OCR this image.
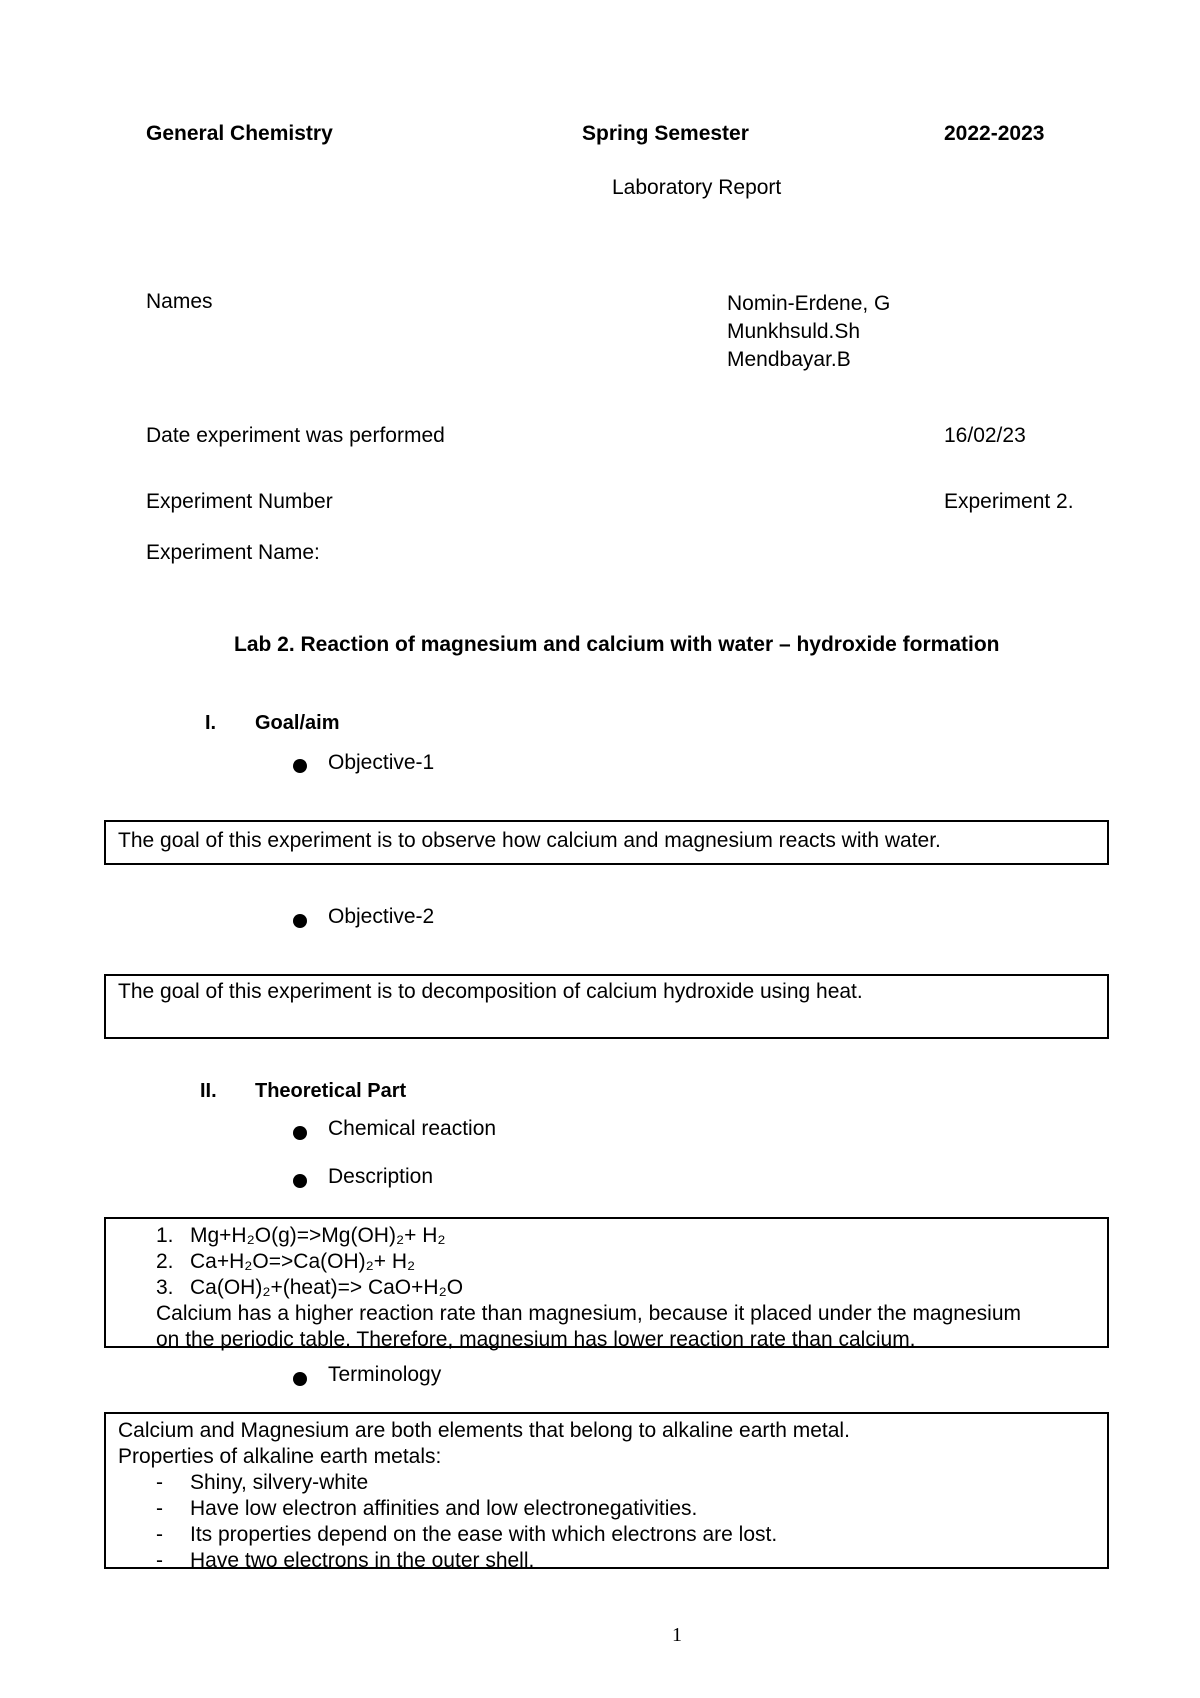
General Chemistry	Spring Semester	2022-2023
Laboratory Report
Names	Nomin-Erdene, G
Munkhsuld.Sh
Mendbayar.B
Date experiment was performed	16/02/23
Experiment Number	Experiment 2.
Experiment Name:
Lab 2. Reaction of magnesium and calcium with water – hydroxide formation
I. Goal/aim
Objective-1
The goal of this experiment is to observe how calcium and magnesium reacts with water.
Objective-2
The goal of this experiment is to decomposition of calcium hydroxide using heat.
II. Theoretical Part
Chemical reaction
Description
1. Mg+H₂O(g)=>Mg(OH)₂+ H₂
2. Ca+H₂O=>Ca(OH)₂+ H₂
3. Ca(OH)₂+(heat)=> CaO+H₂O
Calcium has a higher reaction rate than magnesium, because it placed under the magnesium
on the periodic table. Therefore, magnesium has lower reaction rate than calcium.
Terminology
Calcium and Magnesium are both elements that belong to alkaline earth metal.
Properties of alkaline earth metals:
- Shiny, silvery-white
- Have low electron affinities and low electronegativities.
- Its properties depend on the ease with which electrons are lost.
- Have two electrons in the outer shell.
1
